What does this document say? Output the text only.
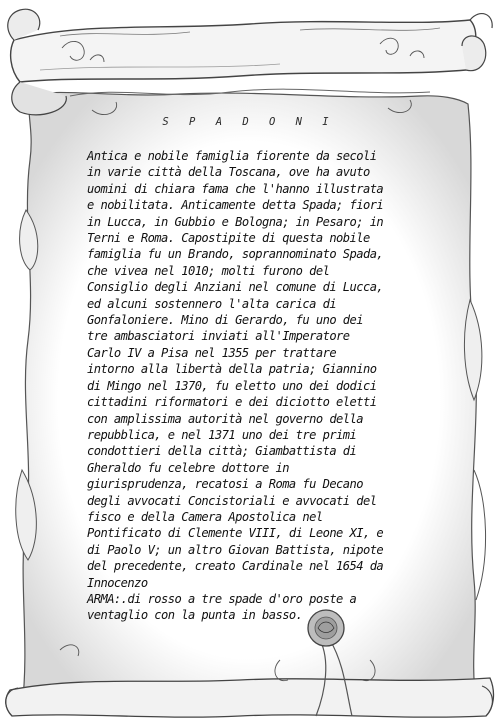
S P A D O N I
Antica e nobile famiglia fiorente da secoli
in varie città della Toscana, ove ha avuto
uomini di chiara fama che l'hanno illustrata
e nobilitata. Anticamente detta Spada; fiori
in Lucca, in Gubbio e Bologna; in Pesaro; in
Terni e Roma. Capostipite di questa nobile
famiglia fu un Brando, soprannominato Spada,
che vivea nel 1010; molti furono del
Consiglio degli Anziani nel comune di Lucca,
ed alcuni sostennero l'alta carica di
Gonfaloniere. Mino di Gerardo, fu uno dei
tre ambasciatori inviati all'Imperatore
Carlo IV a Pisa nel 1355 per trattare
intorno alla libertà della patria; Giannino
di Mingo nel 1370, fu eletto uno dei dodici
cittadini riformatori e dei diciotto eletti
con amplissima autorità nel governo della
repubblica, e nel 1371 uno dei tre primi
condottieri della città; Giambattista di
Gheraldo fu celebre dottore in
giurisprudenza, recatosi a Roma fu Decano
degli avvocati Concistoriali e avvocati del
fisco e della Camera Apostolica nel
Pontificato di Clemente VIII, di Leone XI, e
di Paolo V; un altro Giovan Battista, nipote
del precedente, creato Cardinale nel 1654 da
Innocenzo
ARMA:.di rosso a tre spade d'oro poste a
ventaglio con la punta in basso.
